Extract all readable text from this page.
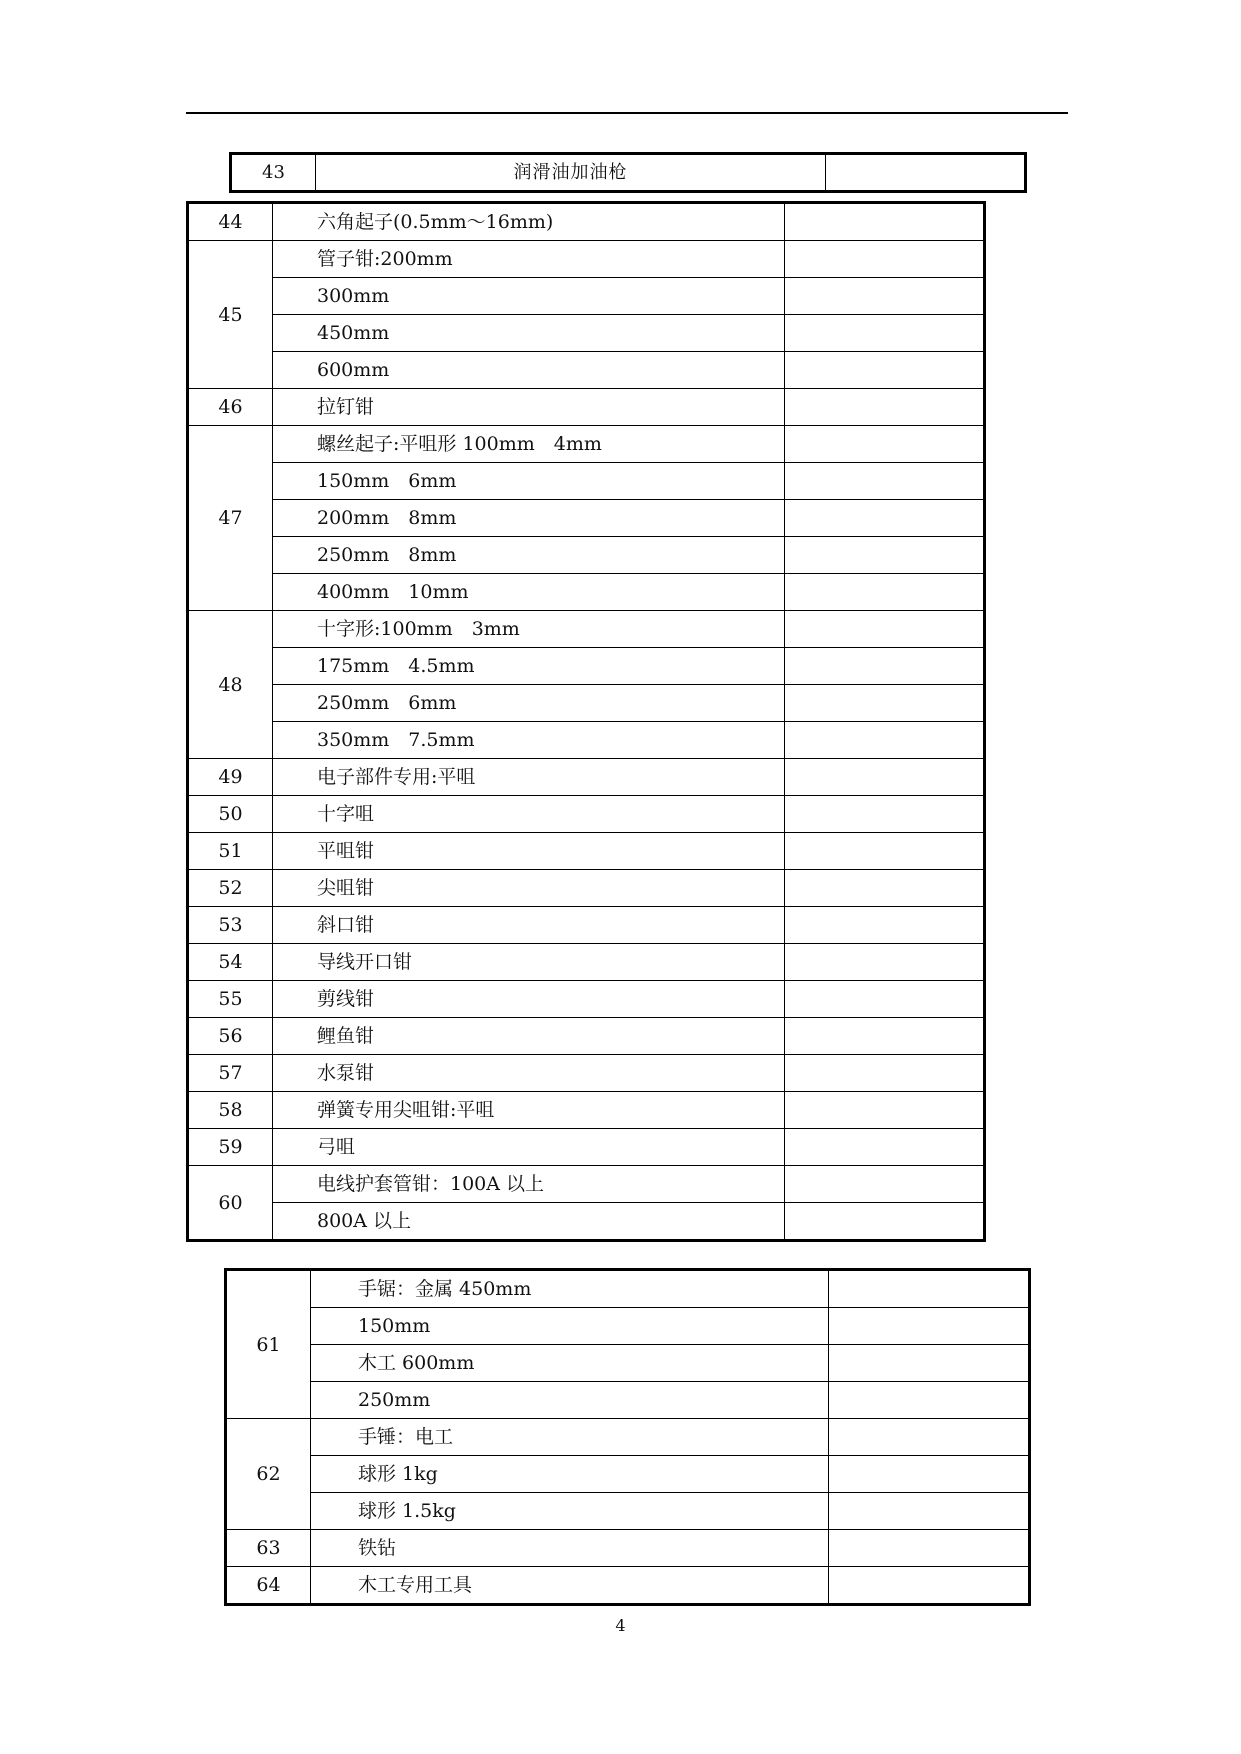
43	润滑油加油枪	
44	六角起子(0.5mm～16mm)	
45	管子钳:200mm	
	300mm	
	450mm	
	600mm	
46	拉钉钳	
47	螺丝起子:平咀形 100mm　4mm	
	150mm　6mm	
	200mm　8mm	
	250mm　8mm	
	400mm　10mm	
48	十字形:100mm　3mm	
	175mm　4.5mm	
	250mm　6mm	
	350mm　7.5mm	
49	电子部件专用:平咀	
50	十字咀	
51	平咀钳	
52	尖咀钳	
53	斜口钳	
54	导线开口钳	
55	剪线钳	
56	鲤鱼钳	
57	水泵钳	
58	弹簧专用尖咀钳:平咀	
59	弓咀	
60	电线护套管钳：100A 以上	
	800A 以上	
61	手锯：金属 450mm	
	150mm	
	木工 600mm	
	250mm	
62	手锤：电工	
	球形 1kg	
	球形 1.5kg	
63	铁钻	
64	木工专用工具	
4
